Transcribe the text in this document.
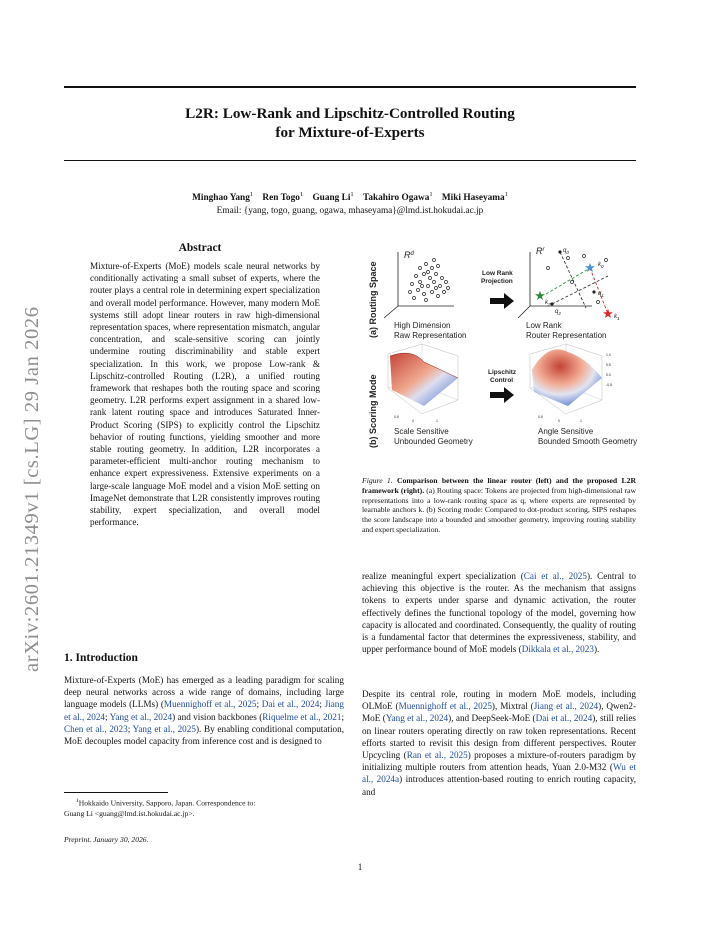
arXiv:2601.21349v1 [cs.LG] 29 Jan 2026
L2R: Low-Rank and Lipschitz-Controlled Routing
for Mixture-of-Experts
Minghao Yang$^1$  Ren Togo$^1$  Guang Li$^1$  Takahiro Ogawa$^1$  Miki Haseyama$^1$
Email: {yang, togo, guang, ogawa, mhaseyama}@lmd.ist.hokudai.ac.jp
Abstract
Mixture-of-Experts (MoE) models scale neural networks by conditionally activating a small subset of experts, where the router plays a central role in determining expert specialization and overall model performance. However, many modern MoE systems still adopt linear routers in raw high-dimensional representation spaces, where representation mismatch, angular concentration, and scale-sensitive scoring can jointly undermine routing discriminability and stable expert specialization. In this work, we propose Low-rank & Lipschitz-controlled Routing (L2R), a unified routing framework that reshapes both the routing space and scoring geometry. L2R performs expert assignment in a shared low-rank latent routing space and introduces Saturated Inner-Product Scoring (SIPS) to explicitly control the Lipschitz behavior of routing functions, yielding smoother and more stable routing geometry. In addition, L2R incorporates a parameter-efficient multi-anchor routing mechanism to enhance expert expressiveness. Extensive experiments on a large-scale language MoE model and a vision MoE setting on ImageNet demonstrate that L2R consistently improves routing stability, expert specialization, and overall model performance.
1. Introduction
Mixture-of-Experts (MoE) has emerged as a leading paradigm for scaling deep neural networks across a wide range of domains, including large language models (LLMs) (Muennighoff et al., 2025; Dai et al., 2024; Jiang et al., 2024; Yang et al., 2024) and vision backbones (Riquelme et al., 2021; Chen et al., 2023; Yang et al., 2025). By enabling conditional computation, MoE decouples model capacity from inference cost and is designed to
$^1$Hokkaido University, Sapporo, Japan. Correspondence to:
Guang Li <guang@lmd.ist.hokudai.ac.jp>.
Preprint. January 30, 2026.
realize meaningful expert specialization (Cai et al., 2025). Central to achieving this objective is the router. As the mechanism that assigns tokens to experts under sparse and dynamic activation, the router effectively defines the functional topology of the model, governing how capacity is allocated and coordinated. Consequently, the quality of routing is a fundamental factor that determines the expressiveness, stability, and upper performance bound of MoE models (Dikkala et al., 2023).
Despite its central role, routing in modern MoE models, including OLMoE (Muennighoff et al., 2025), Mixtral (Jiang et al., 2024), Qwen2-MoE (Yang et al., 2024), and DeepSeek-MoE (Dai et al., 2024), still relies on linear routers operating directly on raw token representations. Recent efforts started to revisit this design from different perspectives. Router Upcycling (Ran et al., 2025) proposes a mixture-of-routers paradigm by initializing multiple routers from attention heads, Yuan 2.0-M32 (Wu et al., 2024a) introduces attention-based routing to enrich routing capacity, and
(a) Routing Space
(b) Scoring Mode
$R^d$
High Dimension
Raw Representation
Low Rank
Projection
$R^r$
★
★
★
$q_0$
$q_1$
$q_2$
$k_0$
$k_1$
$k_2$
Low Rank
Router Representation
0.5
0	1
Scale Sensitive
Unbounded Geometry
Lipschitz
Control
1.0
0.5
0.0
-0.5
0.5
0	1
Angle Sensitive
Bounded Smooth Geometry
Figure 1. Comparison between the linear router (left) and the proposed L2R framework (right). (a) Routing space: Tokens are projected from high-dimensional raw representations into a low-rank routing space as q, where experts are represented by learnable anchors k. (b) Scoring mode: Compared to dot-product scoring, SIPS reshapes the score landscape into a bounded and smoother geometry, improving routing stability and expert specialization.
1
